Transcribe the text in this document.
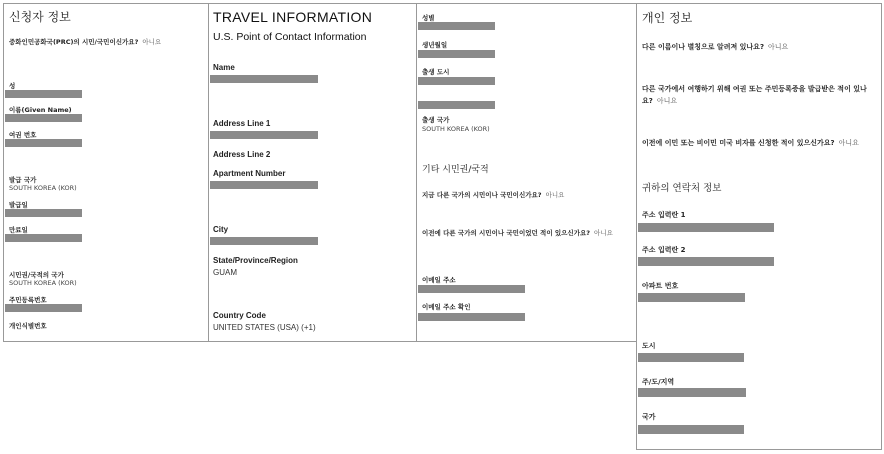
신청자 정보
중화인민공화국(PRC)의 시민/국민이신가요? 아니요
성
이름(Given Name)
여권 번호
발급 국가
SOUTH KOREA (KOR)
발급일
만료일
시민권/국적의 국가
SOUTH KOREA (KOR)
주민등록번호
개인식별번호
TRAVEL INFORMATION
U.S. Point of Contact Information
Name
Address Line 1
Address Line 2
Apartment Number
City
State/Province/Region
GUAM
Country Code
UNITED STATES (USA) (+1)
성별
생년월일
출생 도시
출생 국가
SOUTH KOREA (KOR)
기타 시민권/국적
지금 다른 국가의 시민이나 국민이신가요? 아니요
이전에 다른 국가의 시민이나 국민이었던 적이 있으신가요? 아니요
이메일 주소
이메일 주소 확인
개인 정보
다른 이름이나 별칭으로 알려져 있나요? 아니요
다른 국가에서 여행하기 위해 여권 또는 주민등록증을 발급받은 적이 있나
요? 아니요
이전에 이민 또는 비이민 미국 비자를 신청한 적이 있으신가요? 아니요
귀하의 연락처 정보
주소 입력란 1
주소 입력란 2
아파트 번호
도시
주/도/지역
국가
